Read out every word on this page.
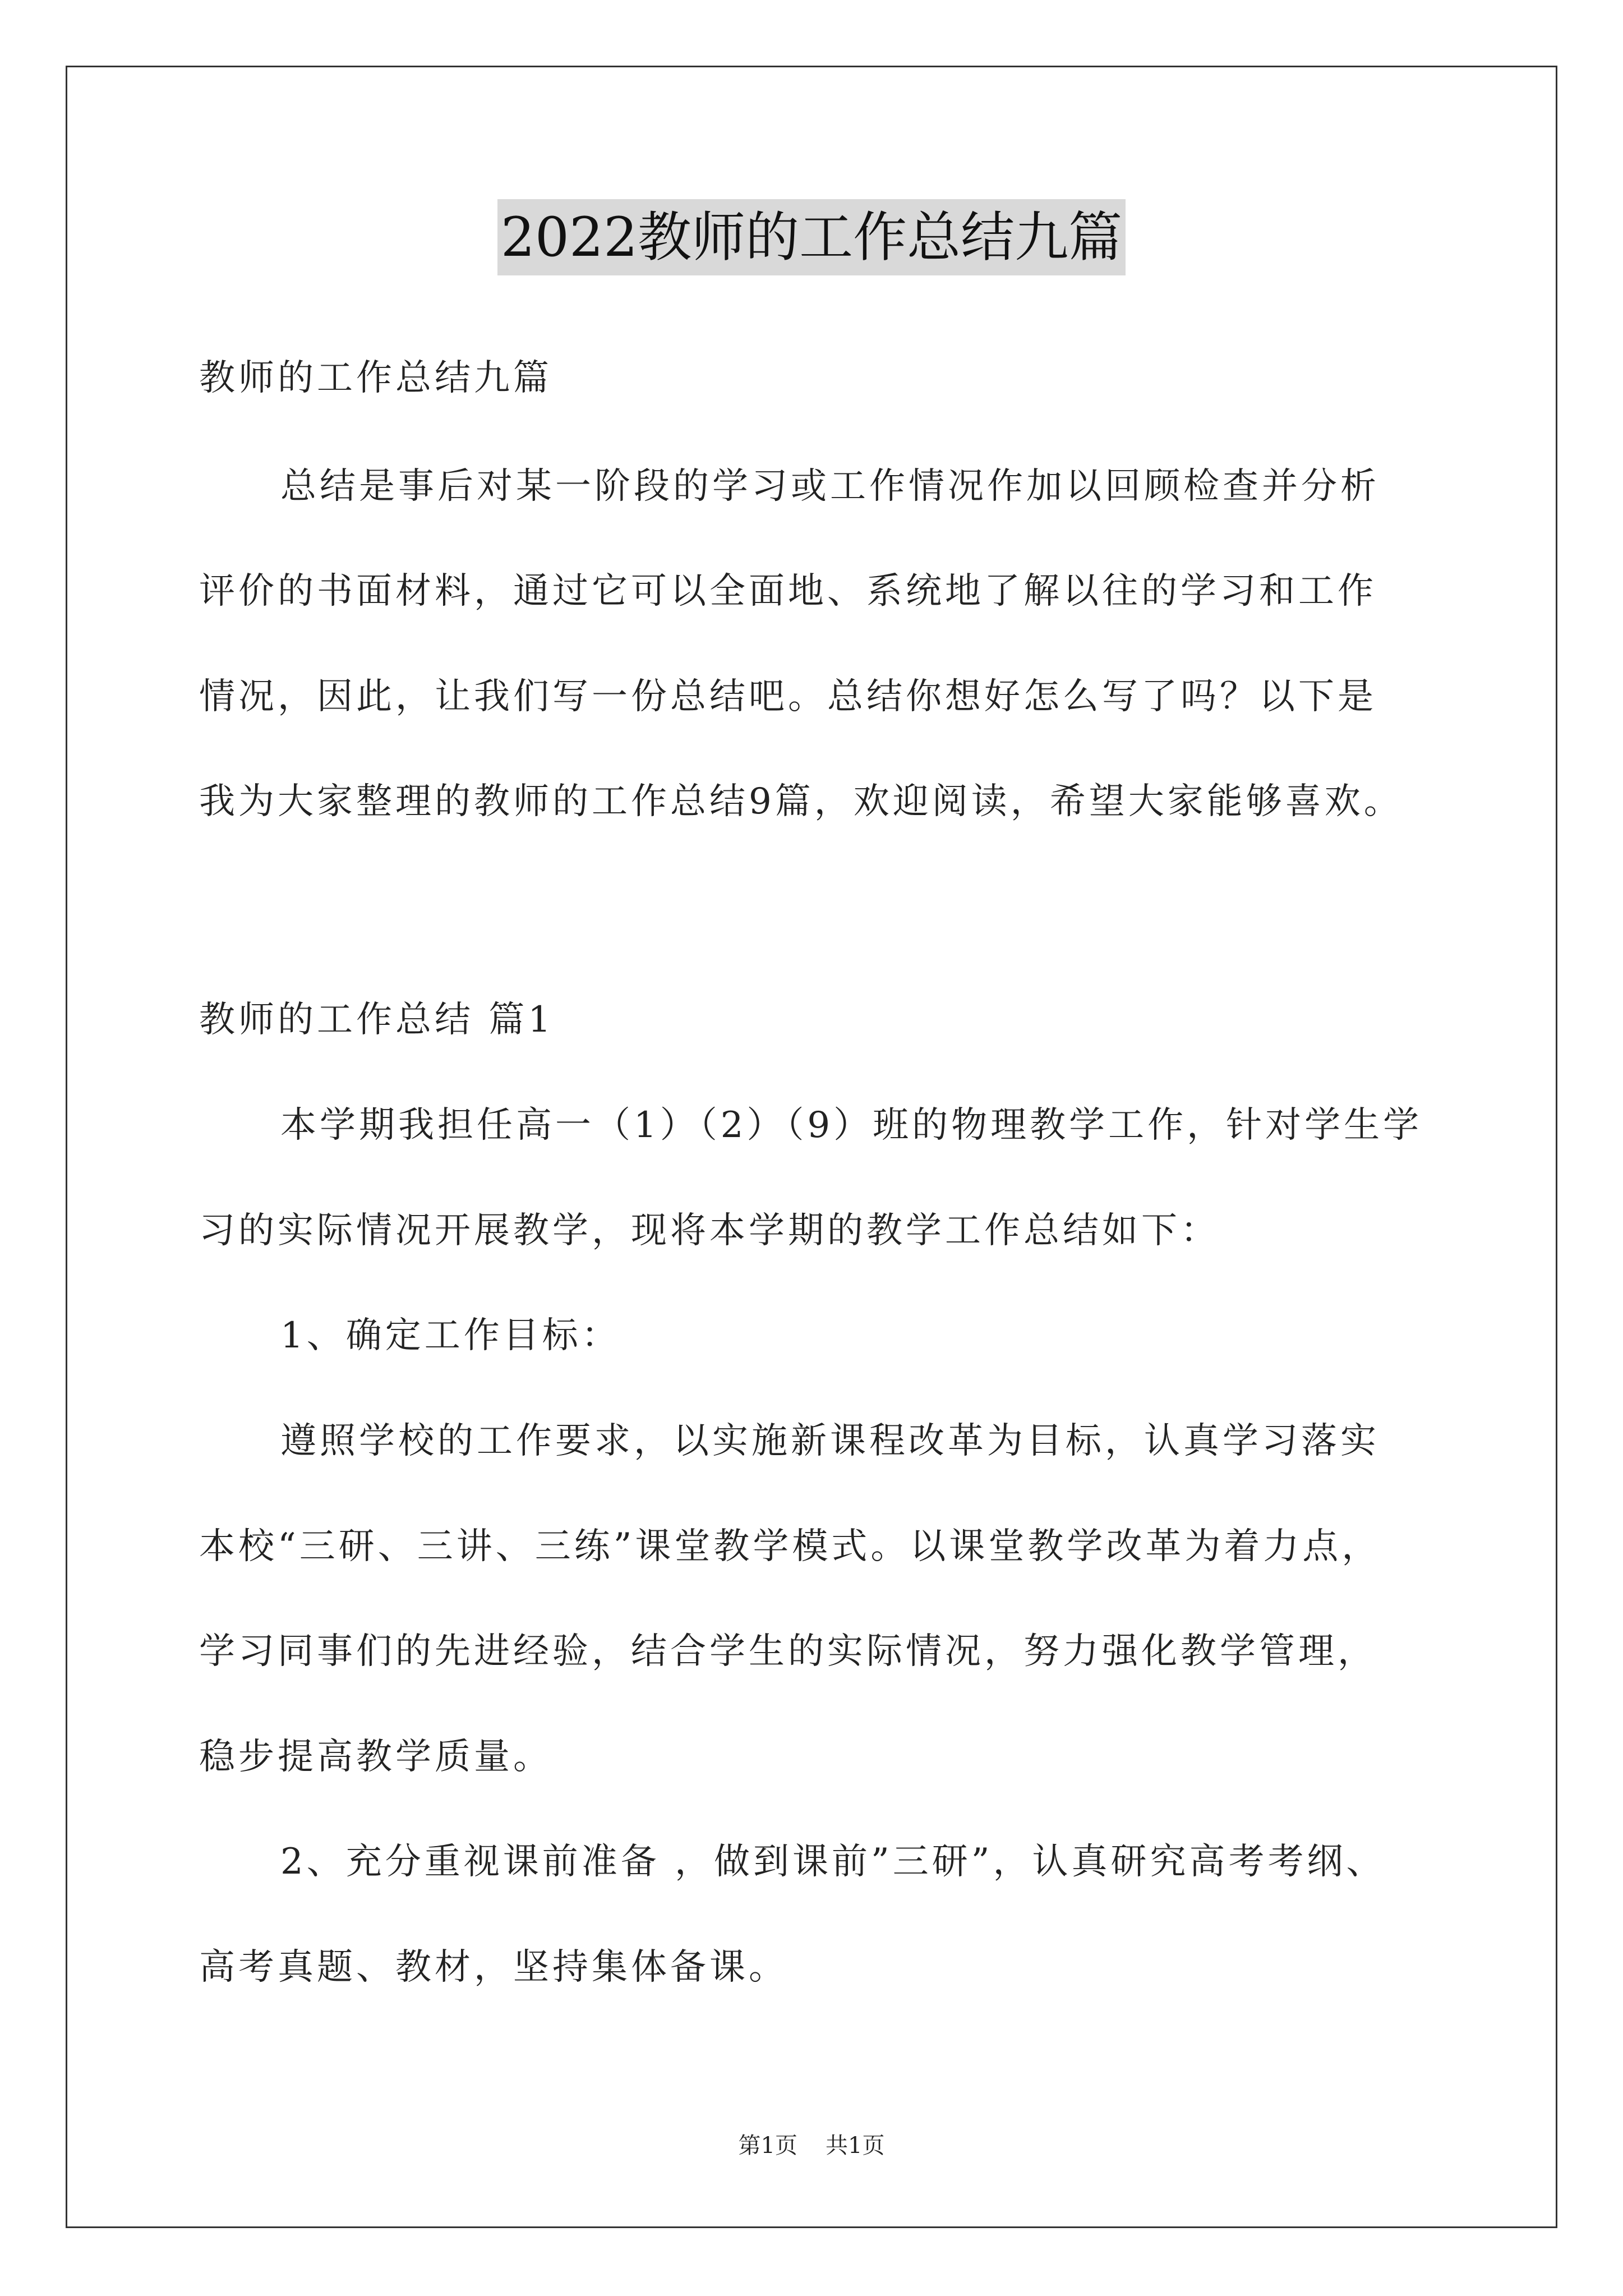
2022教师的工作总结九篇
教师的工作总结九篇
总结是事后对某一阶段的学习或工作情况作加以回顾检查并分析
评价的书面材料，通过它可以全面地、系统地了解以往的学习和工作
情况，因此，让我们写一份总结吧。总结你想好怎么写了吗？以下是
我为大家整理的教师的工作总结9篇，欢迎阅读，希望大家能够喜欢。
教师的工作总结 篇1
本学期我担任高一（1）（2）（9）班的物理教学工作，针对学生学
习的实际情况开展教学，现将本学期的教学工作总结如下：
1、确定工作目标：
遵照学校的工作要求，以实施新课程改革为目标，认真学习落实
本校“三研、三讲、三练”课堂教学模式。以课堂教学改革为着力点，
学习同事们的先进经验，结合学生的实际情况，努力强化教学管理，
稳步提高教学质量。
2、充分重视课前准备 ，做到课前”三研”，认真研究高考考纲、
高考真题、教材，坚持集体备课。
第1页 共1页
